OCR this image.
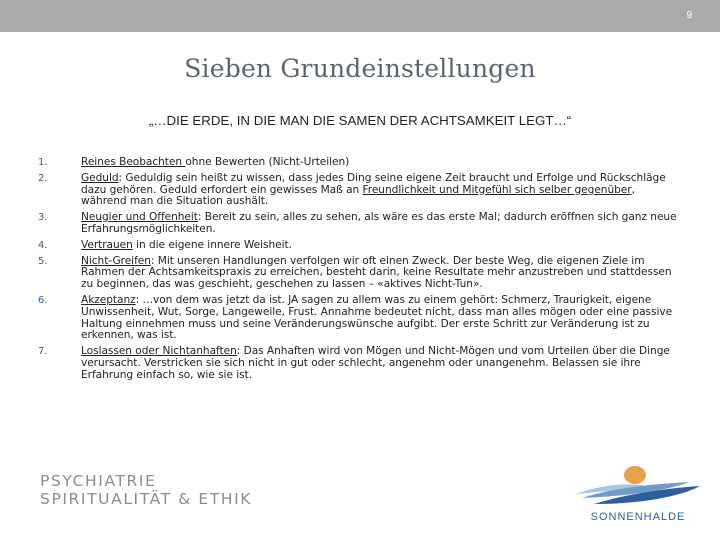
9
Sieben Grundeinstellungen
„…DIE ERDE, IN DIE MAN DIE SAMEN DER ACHTSAMKEIT LEGT…“
1.	Reines Beobachten ohne Bewerten (Nicht-Urteilen)
2.	Geduld: Geduldig sein heißt zu wissen, dass jedes Ding seine eigene Zeit braucht und Erfolge und Rückschläge dazu gehören. Geduld erfordert ein gewisses Maß an Freundlichkeit und Mitgefühl sich selber gegenüber, während man die Situation aushält.
3.	Neugier und Offenheit: Bereit zu sein, alles zu sehen, als wäre es das erste Mal; dadurch eröffnen sich ganz neue Erfahrungsmöglichkeiten.
4.	Vertrauen in die eigene innere Weisheit.
5.	Nicht-Greifen: Mit unseren Handlungen verfolgen wir oft einen Zweck. Der beste Weg, die eigenen Ziele im Rahmen der Achtsamkeitspraxis zu erreichen, besteht darin, keine Resultate mehr anzustreben und stattdessen zu beginnen, das was geschieht, geschehen zu lassen – «aktives Nicht-Tun».
6.	Akzeptanz: …von dem was jetzt da ist. JA sagen zu allem was zu einem gehört: Schmerz, Traurigkeit, eigene Unwissenheit, Wut, Sorge, Langeweile, Frust. Annahme bedeutet nicht, dass man alles mögen oder eine passive Haltung einnehmen muss und seine Veränderungswünsche aufgibt. Der erste Schritt zur Veränderung ist zu erkennen, was ist.
7.	Loslassen oder Nichtanhaften: Das Anhaften wird von Mögen und Nicht-Mögen und vom Urteilen über die Dinge verursacht. Verstricken sie sich nicht in gut oder schlecht, angenehm oder unangenehm. Belassen sie ihre Erfahrung einfach so, wie sie ist.
PSYCHIATRIE
SPIRITUALITÄT & ETHIK
SONNENHALDE
